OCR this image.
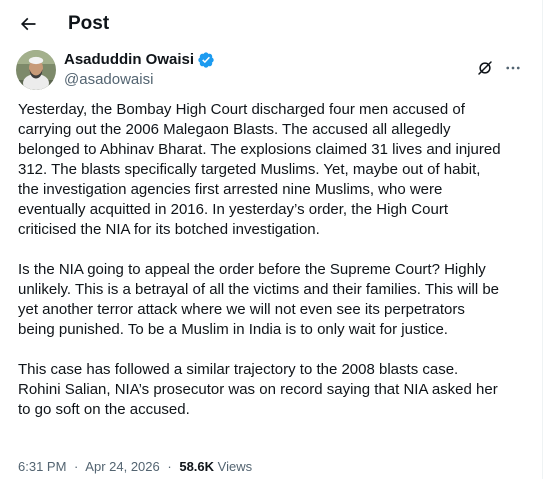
Post
Asaduddin Owaisi
@asadowaisi

Yesterday, the Bombay High Court discharged four men accused of
carrying out the 2006 Malegaon Blasts. The accused all allegedly
belonged to Abhinav Bharat. The explosions claimed 31 lives and injured
312. The blasts specifically targeted Muslims. Yet, maybe out of habit,
the investigation agencies first arrested nine Muslims, who were
eventually acquitted in 2016. In yesterday’s order, the High Court
criticised the NIA for its botched investigation.

Is the NIA going to appeal the order before the Supreme Court? Highly
unlikely. This is a betrayal of all the victims and their families. This will be
yet another terror attack where we will not even see its perpetrators
being punished. To be a Muslim in India is to only wait for justice.

This case has followed a similar trajectory to the 2008 blasts case.
Rohini Salian, NIA’s prosecutor was on record saying that NIA asked her
to go soft on the accused.

6:31 PM · Apr 24, 2026 · 58.6K Views
